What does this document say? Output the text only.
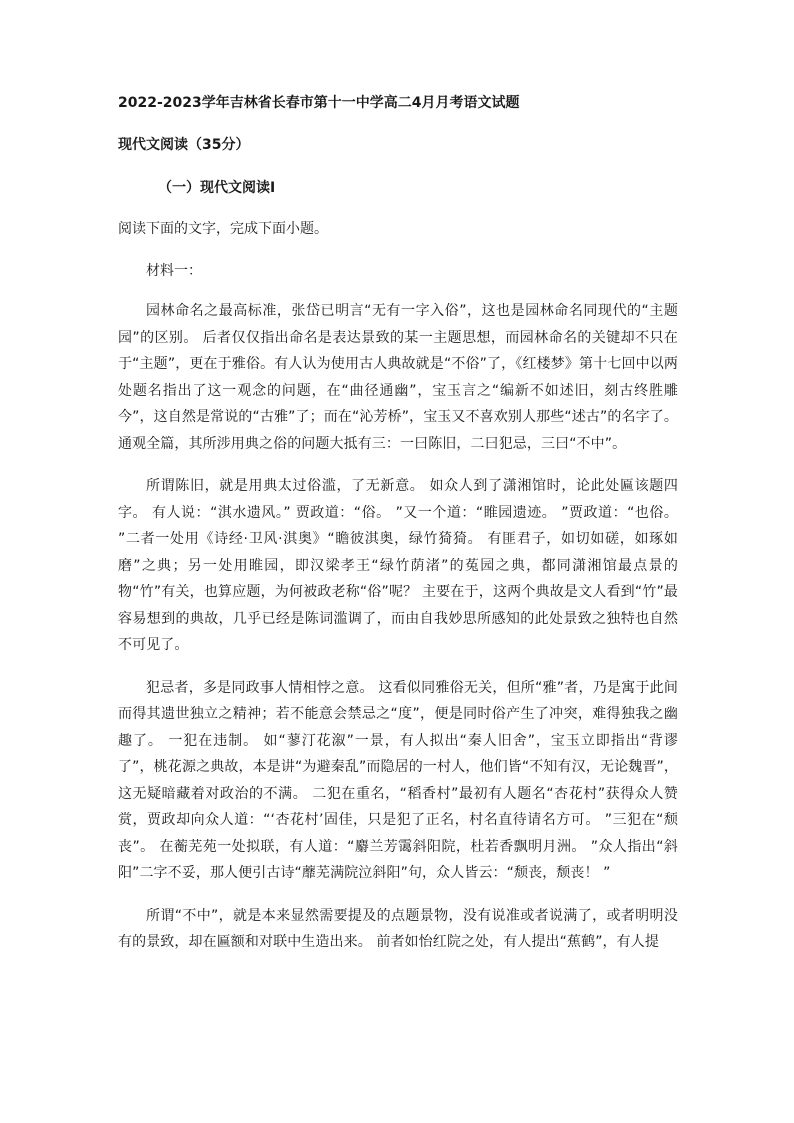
2022-2023学年吉林省长春市第十一中学高二4月月考语文试题
现代文阅读（35分）
（一）现代文阅读Ⅰ
阅读下面的文字，完成下面小题。
材料一：

园林命名之最高标准，张岱已明言“无有一字入俗”，这也是园林命名同现代的“主题园”的区别。 后者仅仅指出命名是表达景致的某一主题思想，而园林命名的关键却不只在于“主题”，更在于雅俗。有人认为使用古人典故就是“不俗”了，《红楼梦》第十七回中以两处题名指出了这一观念的问题，在“曲径通幽”，宝玉言之“编新不如述旧，刻古终胜雕今”，这自然是常说的“古雅”了；而在“沁芳桥”，宝玉又不喜欢别人那些“述古”的名字了。通观全篇，其所涉用典之俗的问题大抵有三：一曰陈旧，二曰犯忌，三曰“不中”。

所谓陈旧，就是用典太过俗滥，了无新意。 如众人到了潇湘馆时，论此处匾该题四字。 有人说：“淇水遗风。” 贾政道：“俗。 ”又一个道：“睢园遗迹。 ”贾政道：“也俗。 ”二者一处用《诗经·卫风·淇奥》“瞻彼淇奥，绿竹猗猗。 有匪君子，如切如磋，如琢如磨”之典；另一处用睢园，即汉梁孝王“绿竹荫渚”的菟园之典，都同潇湘馆最点景的物“竹”有关，也算应题，为何被政老称“俗”呢？ 主要在于，这两个典故是文人看到“竹”最容易想到的典故，几乎已经是陈词滥调了，而由自我妙思所感知的此处景致之独特也自然不可见了。

犯忌者，多是同政事人情相悖之意。 这看似同雅俗无关，但所“雅”者，乃是寓于此间而得其遗世独立之精神；若不能意会禁忌之“度”，便是同时俗产生了冲突，难得独我之幽趣了。 一犯在违制。 如“蓼汀花溆”一景，有人拟出“秦人旧舍”，宝玉立即指出“背谬了”，桃花源之典故，本是讲“为避秦乱”而隐居的一村人，他们皆“不知有汉，无论魏晋”，这无疑暗藏着对政治的不满。 二犯在重名，“稻香村”最初有人题名“杏花村”获得众人赞赏，贾政却向众人道：“‘杏花村’固佳，只是犯了正名，村名直待请名方可。 ”三犯在“颓丧”。 在蘅芜苑一处拟联，有人道：“麝兰芳霭斜阳院，杜若香飘明月洲。 ”众人指出“斜阳”二字不妥，那人便引古诗“蘼芜满院泣斜阳”句，众人皆云：“颓丧，颓丧！ ”

所谓“不中”，就是本来显然需要提及的点题景物，没有说准或者说满了，或者明明没有的景致，却在匾额和对联中生造出来。 前者如怡红院之处，有人提出“蕉鹤”，有人提
